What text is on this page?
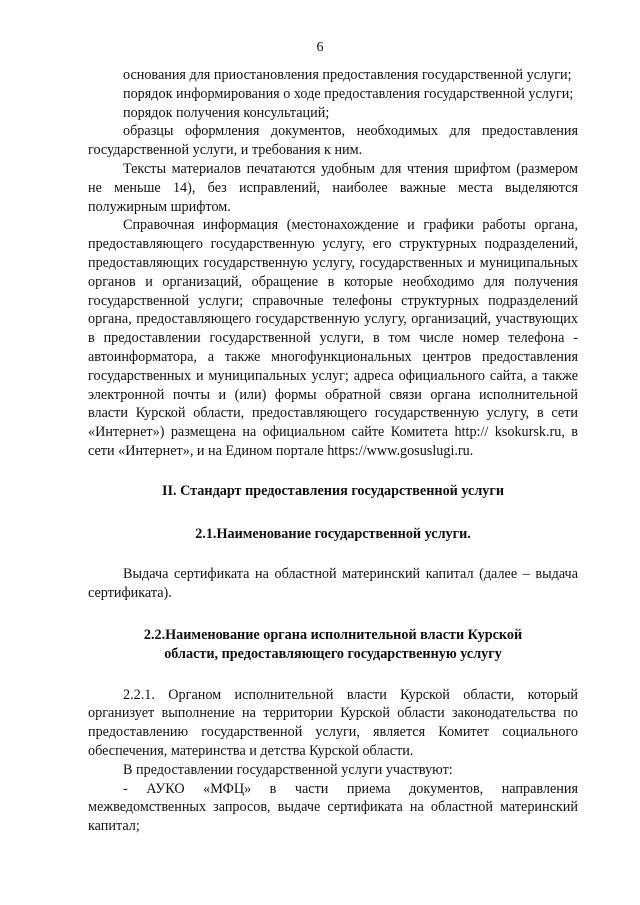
6

основания для приостановления предоставления государственной услуги;

порядок информирования о ходе предоставления государственной услуги;

порядок получения консультаций;

образцы оформления документов, необходимых для предоставления государственной услуги, и требования к ним.

Тексты материалов печатаются удобным для чтения шрифтом (размером не меньше 14), без исправлений, наиболее важные места выделяются полужирным шрифтом.

Справочная информация (местонахождение и графики работы органа, предоставляющего государственную услугу, его структурных подразделений, предоставляющих государственную услугу, государственных и муниципальных органов и организаций, обращение в которые необходимо для получения государственной услуги; справочные телефоны структурных подразделений органа, предоставляющего государственную услугу, организаций, участвующих в предоставлении государственной услуги, в том числе номер телефона - автоинформатора, а также многофункциональных центров предоставления государственных и муниципальных услуг; адреса официального сайта, а также электронной почты и (или) формы обратной связи органа исполнительной власти Курской области, предоставляющего государственную услугу, в сети «Интернет») размещена на официальном сайте Комитета http:// ksokursk.ru, в сети «Интернет», и на Едином портале https://www.gosuslugi.ru.

II. Стандарт предоставления государственной услуги
2.1.Наименование государственной услуги.

Выдача сертификата на областной материнский капитал (далее – выдача сертификата).

2.2.Наименование органа исполнительной власти Курской
области, предоставляющего государственную услугу

2.2.1. Органом исполнительной власти Курской области, который организует выполнение на территории Курской области законодательства по предоставлению государственной услуги, является Комитет социального обеспечения, материнства и детства Курской области.

В предоставлении государственной услуги участвуют:

- АУКО «МФЦ» в части приема документов, направления межведомственных запросов, выдаче сертификата на областной материнский капитал;
